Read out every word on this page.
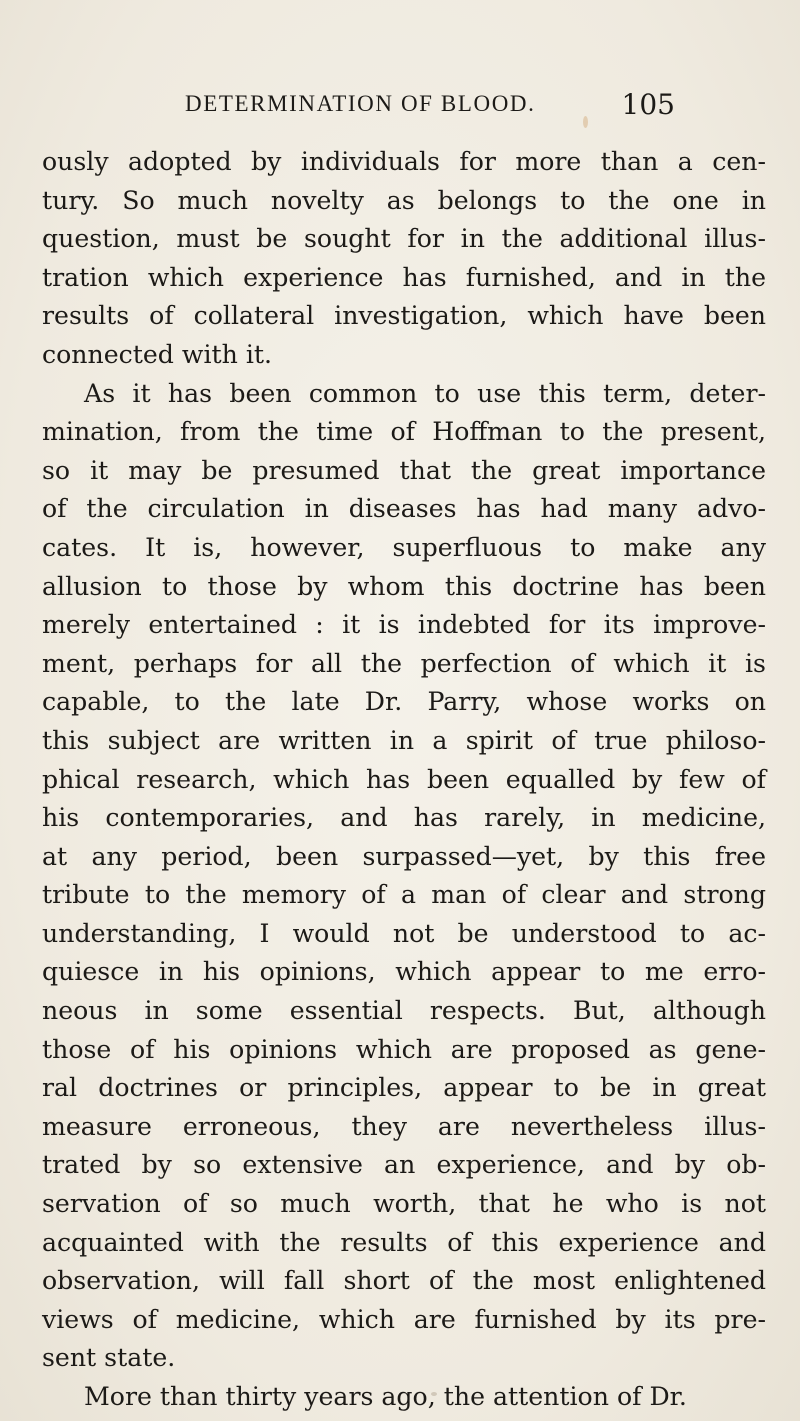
DETERMINATION OF BLOOD.	105
ously adopted by individuals for more than a cen-
tury. So much novelty as belongs to the one in
question, must be sought for in the additional illus-
tration which experience has furnished, and in the
results of collateral investigation, which have been
connected with it.
As it has been common to use this term, deter-
mination, from the time of Hoffman to the present,
so it may be presumed that the great importance
of the circulation in diseases has had many advo-
cates. It is, however, superfluous to make any
allusion to those by whom this doctrine has been
merely entertained : it is indebted for its improve-
ment, perhaps for all the perfection of which it is
capable, to the late Dr. Parry, whose works on
this subject are written in a spirit of true philoso-
phical research, which has been equalled by few of
his contemporaries, and has rarely, in medicine,
at any period, been surpassed—yet, by this free
tribute to the memory of a man of clear and strong
understanding, I would not be understood to ac-
quiesce in his opinions, which appear to me erro-
neous in some essential respects. But, although
those of his opinions which are proposed as gene-
ral doctrines or principles, appear to be in great
measure erroneous, they are nevertheless illus-
trated by so extensive an experience, and by ob-
servation of so much worth, that he who is not
acquainted with the results of this experience and
observation, will fall short of the most enlightened
views of medicine, which are furnished by its pre-
sent state.
More than thirty years ago, the attention of Dr.
